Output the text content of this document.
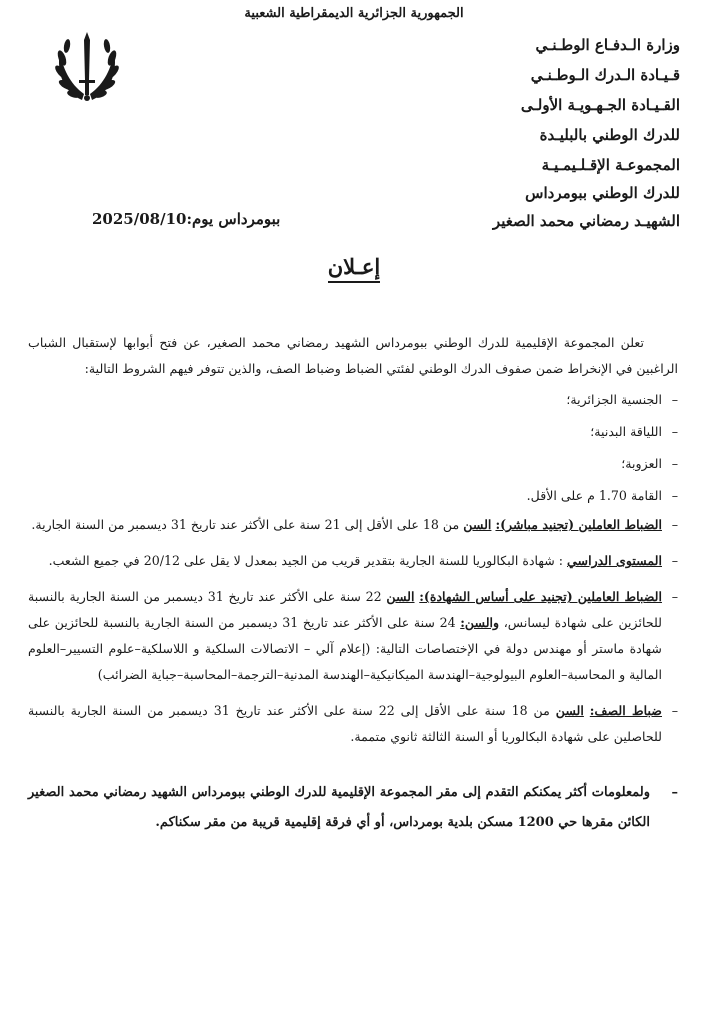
الجمهورية الجزائرية الديمقراطية الشعبية
وزارة الـدفـاع الوطـنـي
قـيـادة الـدرك الـوطـنـي
القـيـادة الجـهـويـة الأولـى
للدرك الوطني بالبليـدة
المجموعـة الإقـلـيمـيـة
للدرك الوطني ببومرداس
الشهيـد رمضاني محمد الصغير
ببومرداس يوم:2025/08/10
إعـلان

تعلن المجموعة الإقليمية للدرك الوطني ببومرداس الشهيد رمضاني محمد الصغير، عن فتح أبوابها لإستقبال الشباب الراغبين في الإنخراط ضمن صفوف الدرك الوطني لفئتي الضباط وضباط الصف، والذين تتوفر فيهم الشروط التالية:

– الجنسية الجزائرية؛

– اللياقة البدنية؛

– العزوبة؛

– القامة 1.70 م على الأقل.

– الضباط العاملين (تجنيد مباشر): السن من 18 على الأقل إلى 21 سنة على الأكثر عند تاريخ 31 ديسمبر من السنة الجارية.

– المستوى الدراسي : شهادة البكالوريا للسنة الجارية بتقدير قريب من الجيد بمعدل لا يقل على 20/12 في جميع الشعب.

– الضباط العاملين (تجنيد على أساس الشهادة): السن 22 سنة على الأكثر عند تاريخ 31 ديسمبر من السنة الجارية بالنسبة للحائزين على شهادة ليسانس، والسن: 24 سنة على الأكثر عند تاريخ 31 ديسمبر من السنة الجارية بالنسبة للحائزين على شهادة ماستر أو مهندس دولة في الإختصاصات التالية: (إعلام آلي – الاتصالات السلكية و اللاسلكية–علوم التسيير–العلوم المالية و المحاسبة–العلوم البيولوجية–الهندسة الميكانيكية–الهندسة المدنية–الترجمة–المحاسبة–جباية الضرائب)

– ضباط الصف: السن من 18 سنة على الأقل إلى 22 سنة على الأكثر عند تاريخ 31 ديسمبر من السنة الجارية بالنسبة للحاصلين على شهادة البكالوريا أو السنة الثالثة ثانوي متممة.

– ولمعلومات أكثر يمكنكم التقدم إلى مقر المجموعة الإقليمية للدرك الوطني ببومرداس الشهيد رمضاني محمد الصغير الكائن مقرها حي 1200 مسكن بلدية بومرداس، أو أي فرقة إقليمية قريبة من مقر سكناكم.
